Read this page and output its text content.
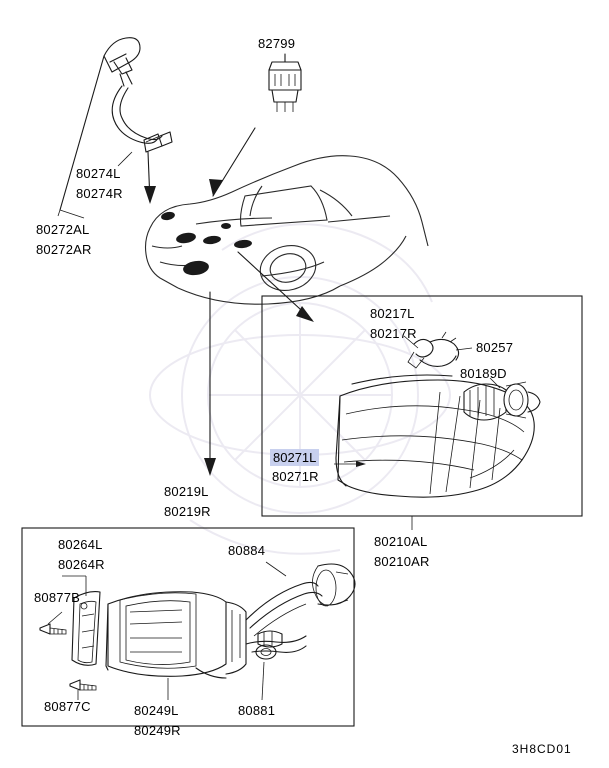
82799
80274L
80274R
80272AL
80272AR
80219L
80219R
80217L
80217R
80257
80189D
80271L
80271R
80210AL
80210AR
80264L
80264R
80884
80877B
80877C	80249L
80249R
80881
3H8CD01
